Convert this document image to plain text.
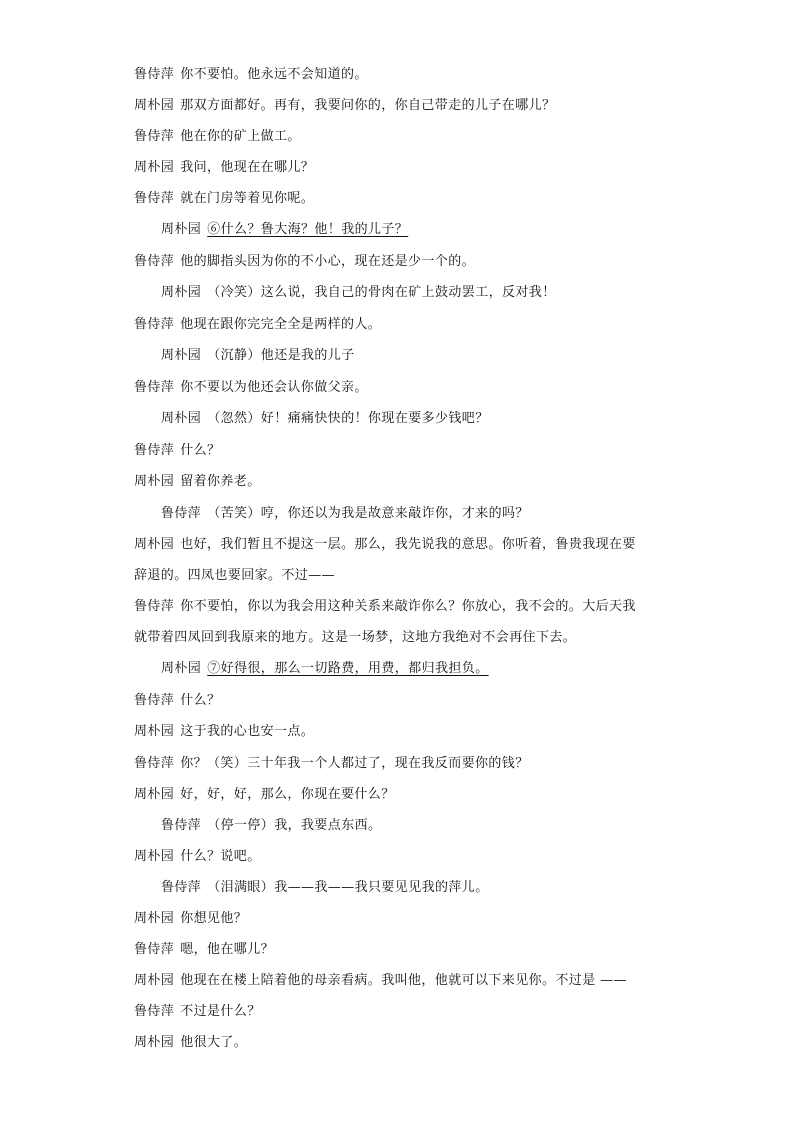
鲁侍萍 你不要怕。他永远不会知道的。
周朴园 那双方面都好。再有，我要问你的，你自己带走的儿子在哪儿？
鲁侍萍 他在你的矿上做工。
周朴园 我问，他现在在哪儿？
鲁侍萍 就在门房等着见你呢。
周朴园 ⑥什么？鲁大海？他！我的儿子？
鲁侍萍 他的脚指头因为你的不小心，现在还是少一个的。
周朴园 （冷笑）这么说，我自己的骨肉在矿上鼓动罢工，反对我！
鲁侍萍 他现在跟你完完全全是两样的人。
周朴园 （沉静）他还是我的儿子
鲁侍萍 你不要以为他还会认你做父亲。
周朴园 （忽然）好！痛痛快快的！你现在要多少钱吧？
鲁侍萍 什么？
周朴园 留着你养老。
鲁侍萍 （苦笑）哼，你还以为我是故意来敲诈你，才来的吗？
周朴园 也好，我们暂且不提这一层。那么，我先说我的意思。你听着，鲁贵我现在要
辞退的。四凤也要回家。不过——
鲁侍萍 你不要怕，你以为我会用这种关系来敲诈你么？你放心，我不会的。大后天我
就带着四凤回到我原来的地方。这是一场梦，这地方我绝对不会再住下去。
周朴园 ⑦好得很，那么一切路费，用费，都归我担负。
鲁侍萍 什么？
周朴园 这于我的心也安一点。
鲁侍萍 你？（笑）三十年我一个人都过了，现在我反而要你的钱？
周朴园 好，好，好，那么，你现在要什么？
鲁侍萍 （停一停）我，我要点东西。
周朴园 什么？说吧。
鲁侍萍 （泪满眼）我——我——我只要见见我的萍儿。
周朴园 你想见他？
鲁侍萍 嗯，他在哪儿？
周朴园 他现在在楼上陪着他的母亲看病。我叫他，他就可以下来见你。不过是 ——
鲁侍萍 不过是什么？
周朴园 他很大了。
